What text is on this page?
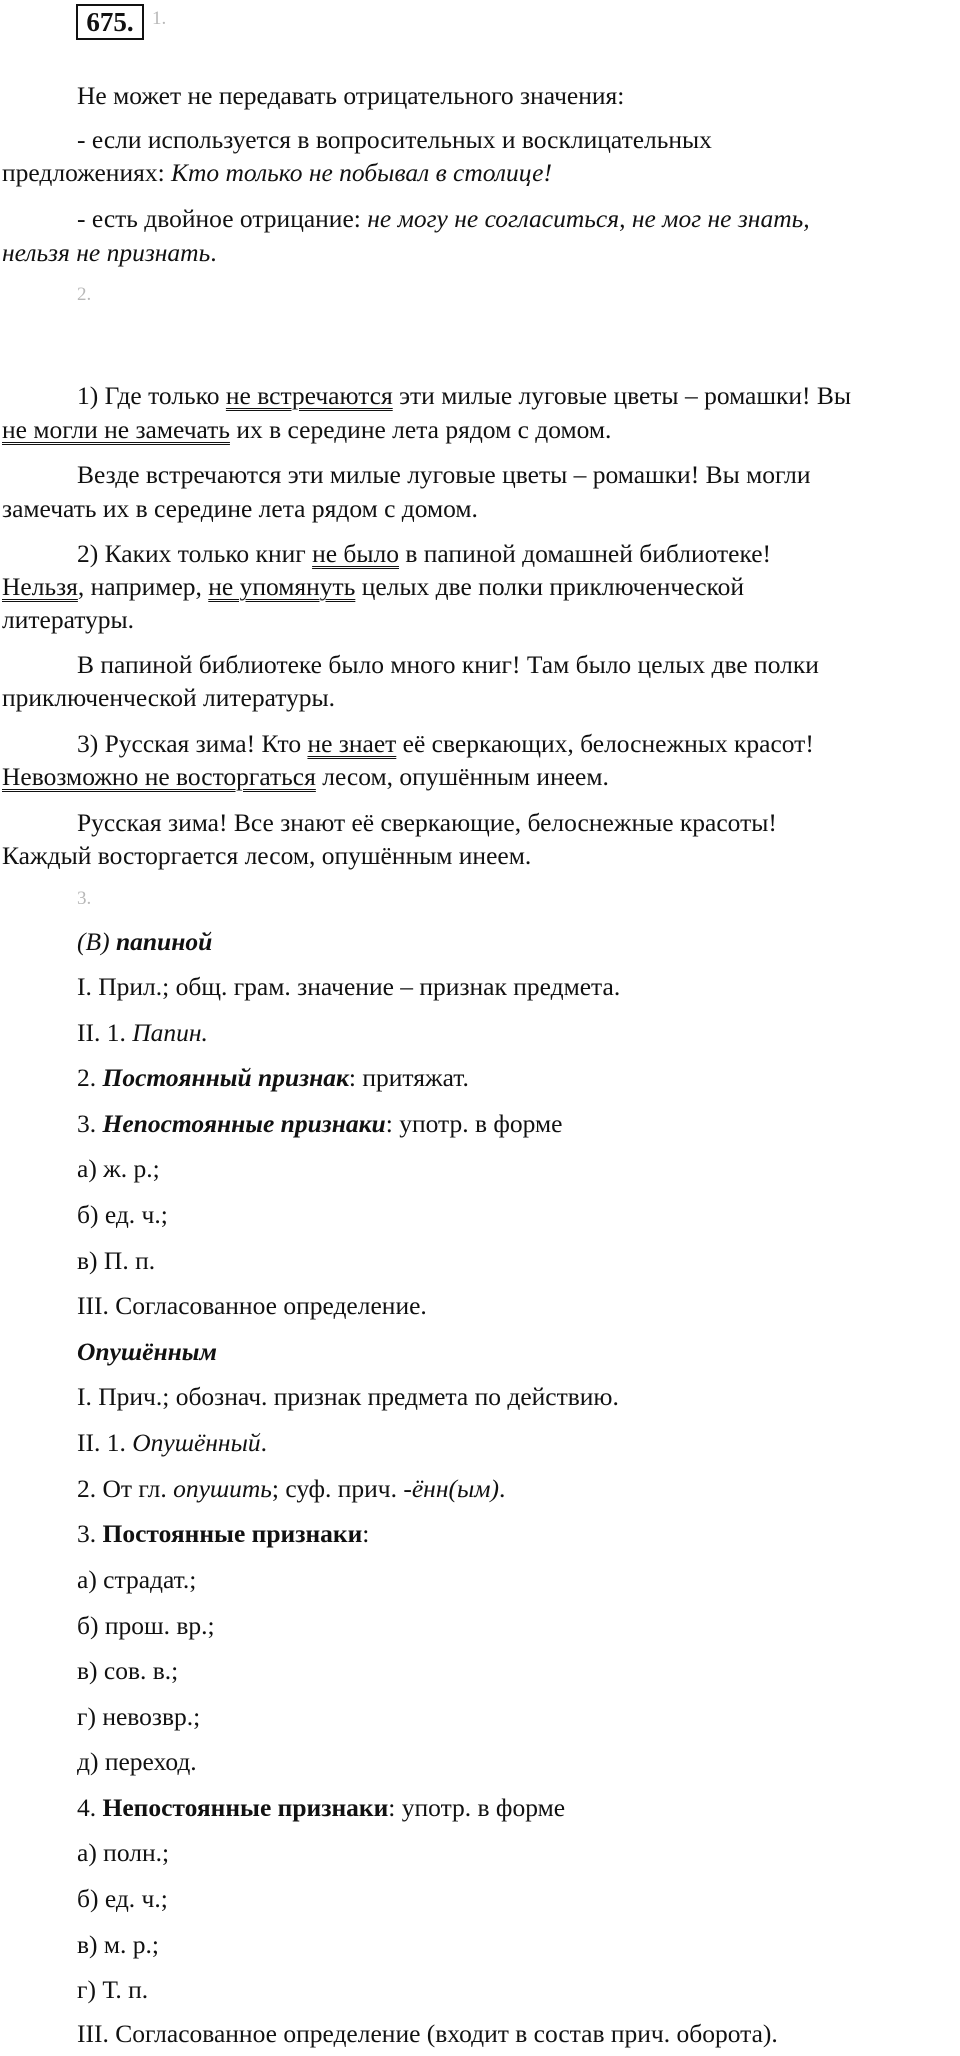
675. 1.
Не может не передавать отрицательного значения:
- если используется в вопросительных и восклицательных
предложениях: Кто только не побывал в столице!
- есть двойное отрицание: не могу не согласиться, не мог не знать,
нельзя не признать.
2.
1) Где только не встречаются эти милые луговые цветы – ромашки! Вы
не могли не замечать их в середине лета рядом с домом.
Везде встречаются эти милые луговые цветы – ромашки! Вы могли
замечать их в середине лета рядом с домом.
2) Каких только книг не было в папиной домашней библиотеке!
Нельзя, например, не упомянуть целых две полки приключенческой
литературы.
В папиной библиотеке было много книг! Там было целых две полки
приключенческой литературы.
3) Русская зима! Кто не знает её сверкающих, белоснежных красот!
Невозможно не восторгаться лесом, опушённым инеем.
Русская зима! Все знают её сверкающие, белоснежные красоты!
Каждый восторгается лесом, опушённым инеем.
3.
(В) папиной
I. Прил.; общ. грам. значение – признак предмета.
II. 1. Папин.
2. Постоянный признак: притяжат.
3. Непостоянные признаки: употр. в форме
а) ж. р.;
б) ед. ч.;
в) П. п.
III. Согласованное определение.
Опушённым
I. Прич.; обознач. признак предмета по действию.
II. 1. Опушённый.
2. От гл. опушить; суф. прич. -ённ(ым).
3. Постоянные признаки:
а) страдат.;
б) прош. вр.;
в) сов. в.;
г) невозвр.;
д) переход.
4. Непостоянные признаки: употр. в форме
а) полн.;
б) ед. ч.;
в) м. р.;
г) Т. п.
III. Согласованное определение (входит в состав прич. оборота).
